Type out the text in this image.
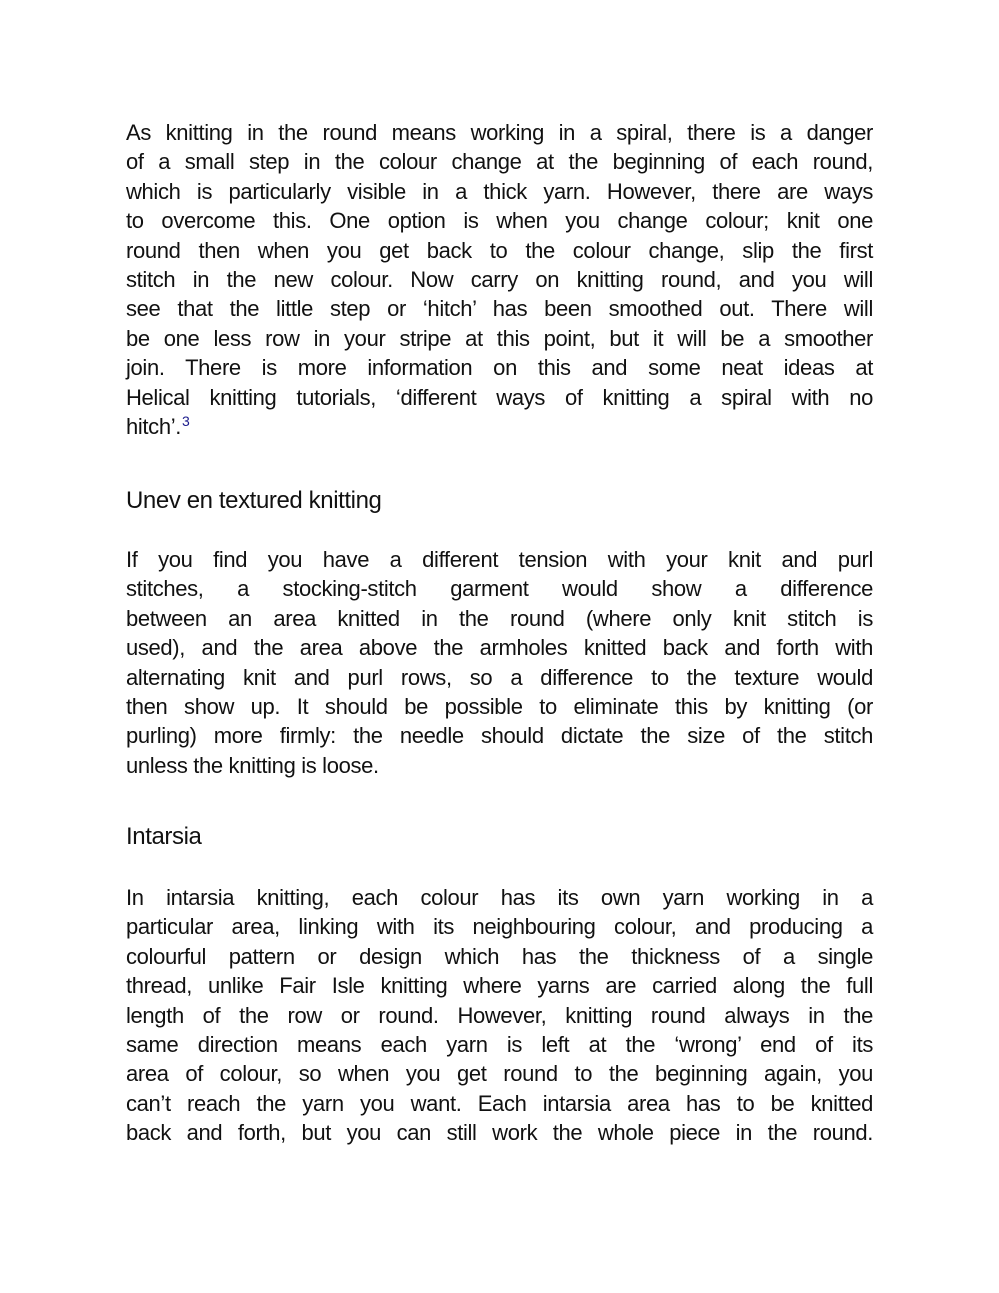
As knitting in the round means working in a spiral, there is a danger
of a small step in the colour change at the beginning of each round,
which is particularly visible in a thick yarn. However, there are ways
to overcome this. One option is when you change colour; knit one
round then when you get back to the colour change, slip the first
stitch in the new colour. Now carry on knitting round, and you will
see that the little step or ‘hitch’ has been smoothed out. There will
be one less row in your stripe at this point, but it will be a smoother
join. There is more information on this and some neat ideas at
Helical knitting tutorials, ‘different ways of knitting a spiral with no
hitch’.$^3$
Unev en textured knitting
If you find you have a different tension with your knit and purl
stitches, a stocking-stitch garment would show a difference
between an area knitted in the round (where only knit stitch is
used), and the area above the armholes knitted back and forth with
alternating knit and purl rows, so a difference to the texture would
then show up. It should be possible to eliminate this by knitting (or
purling) more firmly: the needle should dictate the size of the stitch
unless the knitting is loose.
Intarsia
In intarsia knitting, each colour has its own yarn working in a
particular area, linking with its neighbouring colour, and producing a
colourful pattern or design which has the thickness of a single
thread, unlike Fair Isle knitting where yarns are carried along the full
length of the row or round. However, knitting round always in the
same direction means each yarn is left at the ‘wrong’ end of its
area of colour, so when you get round to the beginning again, you
can’t reach the yarn you want. Each intarsia area has to be knitted
back and forth, but you can still work the whole piece in the round.
